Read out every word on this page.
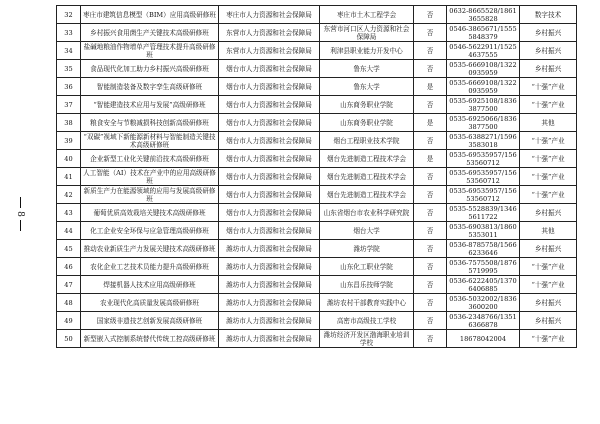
8
32	枣庄市建筑信息模型（BIM）应用高级研修班	枣庄市人力资源和社会保障局	枣庄市土木工程学会	否	0632-8665528/18613655828	数字技术
33	乡村振兴食用菌生产关键技术高级研修班	东营市人力资源和社会保障局	东营市河口区人力资源和社会保障局	否	0546-3865671/15555848379	乡村振兴
34	盐碱地粮油作物增单产管理技术提升高级研修班	东营市人力资源和社会保障局	利津县职业能力开发中心	否	0546-5622911/15254637555	乡村振兴
35	食品现代化加工助力乡村振兴高级研修班	烟台市人力资源和社会保障局	鲁东大学	否	0535-6669108/13220935959	乡村振兴
36	智能制造装备及数字孪生高级研修班	烟台市人力资源和社会保障局	鲁东大学	是	0535-6669108/13220935959	“十强”产业
37	“智能建造技术应用与发展”高级研修班	烟台市人力资源和社会保障局	山东商务职业学院	否	0535-6925108/18363877500	“十强”产业
38	粮食安全与节粮减损科技创新高级研修班	烟台市人力资源和社会保障局	山东商务职业学院	是	0535-6925066/18363877500	其他
39	“双碳”视域下新能源新材料与智能制造关键技术高级研修班	烟台市人力资源和社会保障局	烟台工程职业技术学院	否	0535-6388271/15963583018	“十强”产业
40	企业新型工业化关键前沿技术高级研修班	烟台市人力资源和社会保障局	烟台先进制造工程技术学会	是	0535-69535957/15653560712	“十强”产业
41	人工智能（AI）技术在产业中的应用高级研修班	烟台市人力资源和社会保障局	烟台先进制造工程技术学会	否	0535-69535957/15653560712	“十强”产业
42	新质生产力在能源领域的应用与发展高级研修班	烟台市人力资源和社会保障局	烟台先进制造工程技术学会	否	0535-69535957/15653560712	“十强”产业
43	葡萄优质高效栽培关键技术高级研修班	烟台市人力资源和社会保障局	山东省烟台市农业科学研究院	否	0535-5528839/13465611722	乡村振兴
44	化工企业安全环保与应急管理高级研修班	烟台市人力资源和社会保障局	烟台大学	否	0535-6903813/18605353011	其他
45	推动农业新质生产力发展关键技术高级研修班	潍坊市人力资源和社会保障局	潍坊学院	否	0536-8785758/15666233646	乡村振兴
46	农化企业工艺技术员能力提升高级研修班	潍坊市人力资源和社会保障局	山东化工职业学院	否	0536-7575508/18765719995	“十强”产业
47	焊接机器人技术应用高级研修班	潍坊市人力资源和社会保障局	山东昌乐技师学院	否	0536-6222405/13706406885	“十强”产业
48	农业现代化高质量发展高级研修班	潍坊市人力资源和社会保障局	潍坊农村干部教育实践中心	否	0536-5032002/18363600200	乡村振兴
49	国家级非遗技艺创新发展高级研修班	潍坊市人力资源和社会保障局	高密市高级技工学校	否	0536-2348766/13516366878	乡村振兴
50	新型嵌入式控制系统替代传统工控高级研修班	潍坊市人力资源和社会保障局	潍坊经济开发区渤海职业培训学校	否	18678042004	“十强”产业
